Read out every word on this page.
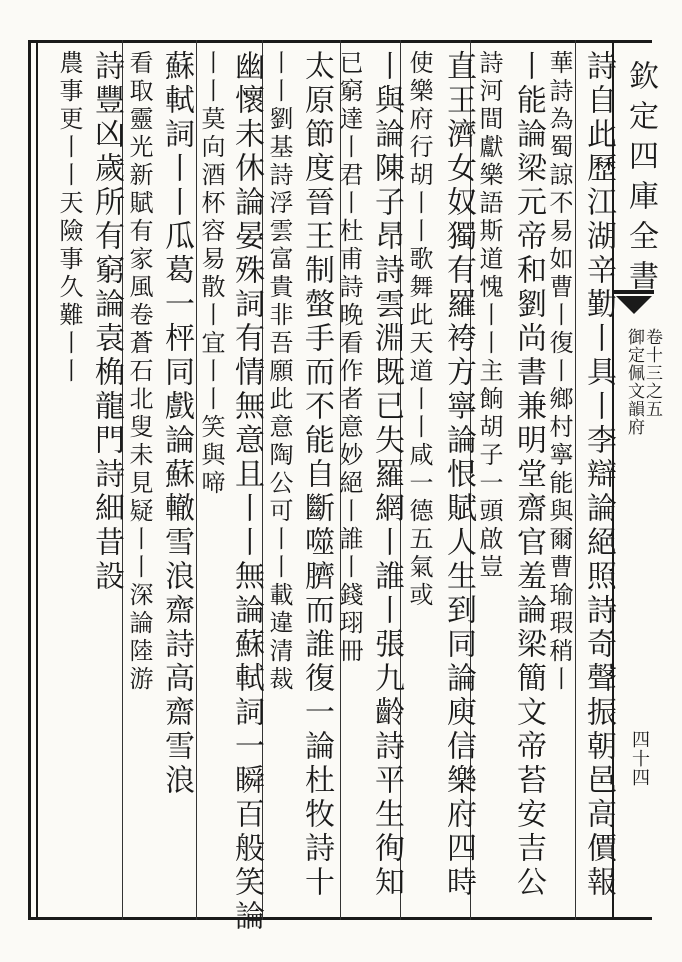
欽定四庫全書
御定佩文韻府
卷十三之五
四十四
詩自此歷江湖辛勤丨具丨李辯論絕照詩奇聲振朝邑高價報
華詩為蜀諒不易如曹丨復丨鄉村寧能與爾曹瑜瑕稍丨
丨能論梁元帝和劉尚書兼明堂齋官羞論梁簡文帝苔安吉公
詩河間獻樂語斯道愧丨丨主餉胡子一頭啟豈
直王濟女奴獨有羅袴方寧論恨賦人生到同論庾信樂府四時
使樂府行胡丨丨歌舞此天道丨丨咸一德五氣或
丨與論陳子昂詩雲淵既已失羅網丨誰丨張九齡詩平生徇知
已窮達丨君丨杜甫詩晚看作者意妙絕丨誰丨錢珝冊
太原節度晉王制螫手而不能自斷噬臍而誰復一論杜牧詩十
丨丨劉基詩浮雲富貴非吾願此意陶公可丨丨載違清裁
幽懷未休論晏殊詞有情無意且丨丨無論蘇軾詞一瞬百般笑論
丨丨莫向酒杯容易散丨宜丨丨笑與啼
蘇軾詞丨丨瓜葛一枰同戲論蘇轍雪浪齋詩高齋雪浪
看取靈光新賦有家風卷蒼石北叟未見疑丨丨深論陸游
詩豐凶歲所有窮論袁桷龍門詩細昔設
農事更丨丨天險事久難丨丨
